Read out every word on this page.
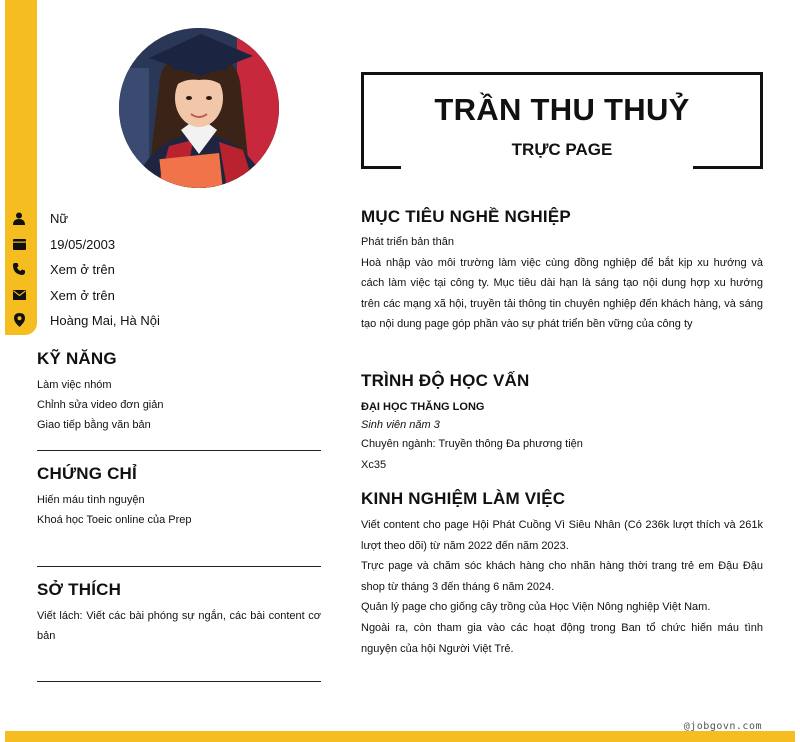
@jobgovn.com
Nữ
19/05/2003
Xem ở trên
Xem ở trên
Hoàng Mai, Hà Nội
KỸ NĂNG
Làm việc nhóm
Chỉnh sửa video đơn giản
Giao tiếp bằng văn bản
CHỨNG CHỈ
Hiến máu tình nguyện
Khoá học Toeic online của Prep
SỞ THÍCH
Viết lách: Viết các bài phóng sự ngắn, các bài content cơ bản
TRẦN THU THUỶ
TRỰC PAGE
MỤC TIÊU NGHỀ NGHIỆP
Phát triển bản thân
Hoà nhập vào môi trường làm việc cùng đồng nghiệp để bắt kịp xu hướng và cách làm việc tại công ty. Mục tiêu dài hạn là sáng tạo nội dung hợp xu hướng trên các mạng xã hội, truyền tải thông tin chuyên nghiệp đến khách hàng, và sáng tạo nội dung page góp phần vào sự phát triển bền vững của công ty
TRÌNH ĐỘ HỌC VẤN
ĐẠI HỌC THĂNG LONG
Sinh viên năm 3
Chuyên ngành: Truyền thông Đa phương tiện
Xc35
KINH NGHIỆM LÀM VIỆC
Viết content cho page Hội Phát Cuồng Vì Siêu Nhân (Có 236k lượt thích và 261k lượt theo dõi) từ năm 2022 đến năm 2023.
Trực page và chăm sóc khách hàng cho nhãn hàng thời trang trẻ em Đậu Đậu shop từ tháng 3 đến tháng 6 năm 2024.
Quản lý page cho giống cây trồng của Học Viện Nông nghiệp Việt Nam.
Ngoài ra, còn tham gia vào các hoạt động trong Ban tổ chức hiến máu tình nguyện của hội Người Việt Trẻ.
